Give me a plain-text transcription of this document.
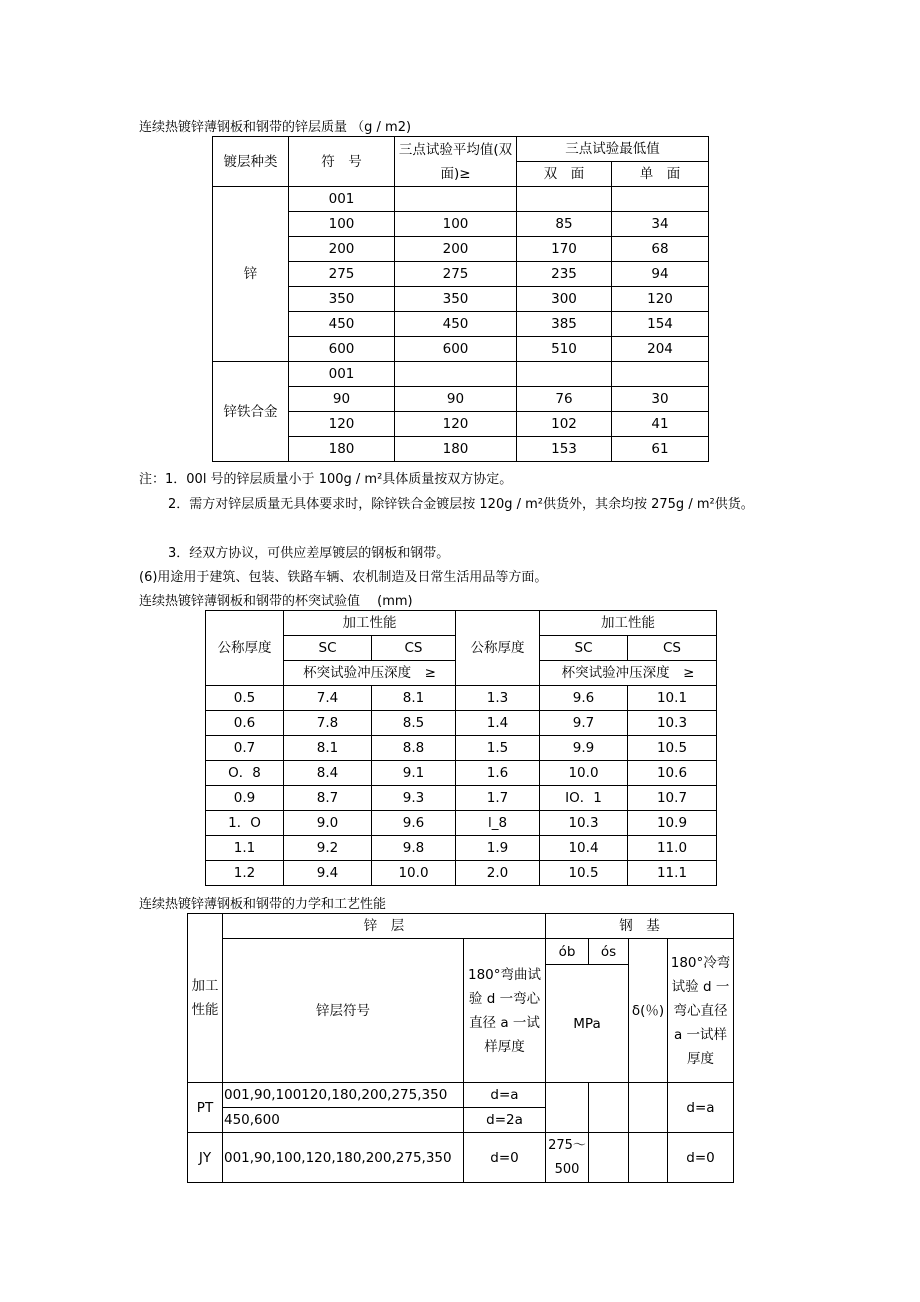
连续热镀锌薄钢板和钢带的锌层质量 （g / m2)
镀层种类	符　号	三点试验平均值(双面)≥	三点试验最低值	
			双　面	单　面
锌	001			
	100	100	85	34
	200	200	170	68
	275	275	235	94
	350	350	300	120
	450	450	385	154
	600	600	510	204
锌铁合金	001			
	90	90	76	30
	120	120	102	41
	180	180	153	61
注：1．00l 号的锌层质量小于 100g / m²具体质量按双方协定。
2．需方对锌层质量无具体要求时，除锌铁合金镀层按 120g / m²供货外，其余均按 275g / m²供货。
3．经双方协议，可供应差厚镀层的钢板和钢带。
(6)用途用于建筑、包装、铁路车辆、农机制造及日常生活用品等方面。
连续热镀锌薄钢板和钢带的杯突试验值　 (mm)
公称厚度	加工性能		公称厚度	加工性能	
	SC	CS		SC	CS
	杯突试验冲压深度　≥			杯突试验冲压深度　≥	
0.5	7.4	8.1	1.3	9.6	10.1
0.6	7.8	8.5	1.4	9.7	10.3
0.7	8.1	8.8	1.5	9.9	10.5
O．8	8.4	9.1	1.6	10.0	10.6
0.9	8.7	9.3	1.7	IO．1	10.7
1．O	9.0	9.6	l_8	10.3	10.9
1.1	9.2	9.8	1.9	10.4	11.0
1.2	9.4	10.0	2.0	10.5	11.1
连续热镀锌薄钢板和钢带的力学和工艺性能
加工性能	锌　层		钢　基			
	锌层符号	180°弯曲试验 d 一弯心直径 a 一试样厚度	ób	ós	δ(％)	180°冷弯试验 d 一弯心直径 a 一试样厚度
			MPa			
PT	001,90,100120,180,200,275,350	d=a				d=a
	450,600	d=2a				
JY	001,90,100,120,180,200,275,350	d=0	275～500			d=0
